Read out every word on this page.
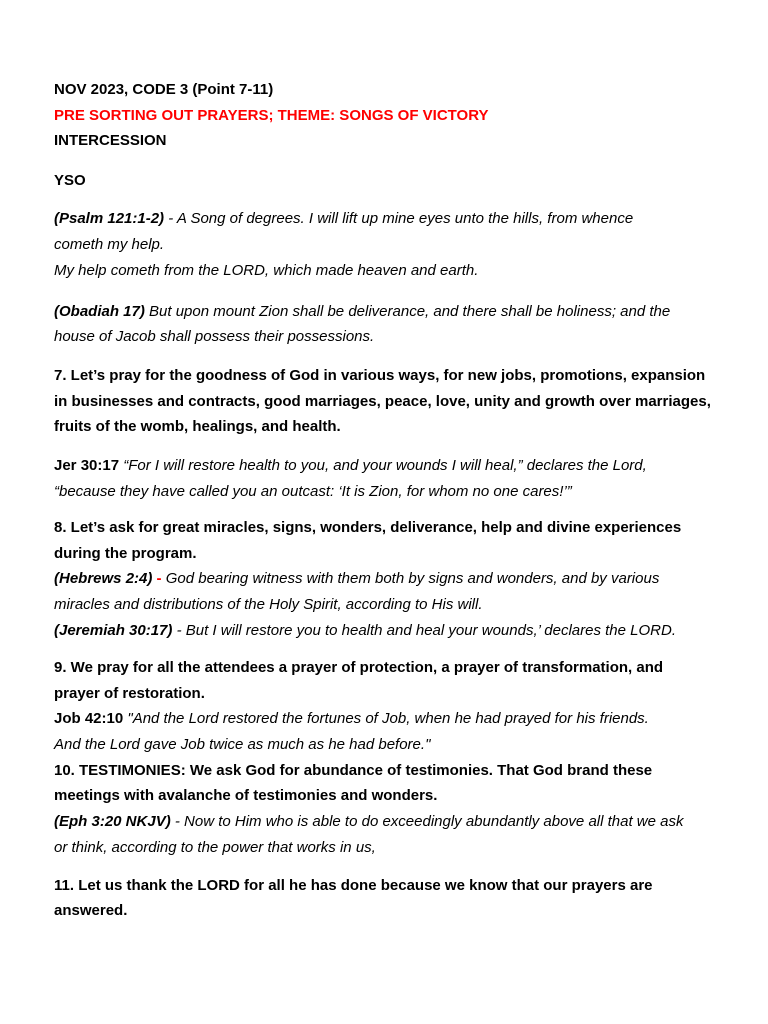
NOV 2023, CODE 3 (Point 7-11)
PRE SORTING OUT PRAYERS; THEME: SONGS OF VICTORY
INTERCESSION
YSO
(Psalm 121:1-2) - A Song of degrees. I will lift up mine eyes unto the hills, from whence
cometh my help.
My help cometh from the LORD, which made heaven and earth.
(Obadiah 17) But upon mount Zion shall be deliverance, and there shall be holiness; and the
house of Jacob shall possess their possessions.
7. Let’s pray for the goodness of God in various ways, for new jobs, promotions, expansion
in businesses and contracts, good marriages, peace, love, unity and growth over marriages,
fruits of the womb, healings, and health.
Jer 30:17 “For I will restore health to you, and your wounds I will heal,” declares the Lord,
“because they have called you an outcast: ‘It is Zion, for whom no one cares!’”
8. Let’s ask for great miracles, signs, wonders, deliverance, help and divine experiences
during the program.
(Hebrews 2:4) - God bearing witness with them both by signs and wonders, and by various
miracles and distributions of the Holy Spirit, according to His will.
(Jeremiah 30:17) - But I will restore you to health and heal your wounds,’ declares the LORD.
9. We pray for all the attendees a prayer of protection, a prayer of transformation, and
prayer of restoration.
Job 42:10 "And the Lord restored the fortunes of Job, when he had prayed for his friends.
And the Lord gave Job twice as much as he had before."
10. TESTIMONIES: We ask God for abundance of testimonies. That God brand these
meetings with avalanche of testimonies and wonders.
(Eph 3:20 NKJV) - Now to Him who is able to do exceedingly abundantly above all that we ask
or think, according to the power that works in us,
11. Let us thank the LORD for all he has done because we know that our prayers are
answered.
